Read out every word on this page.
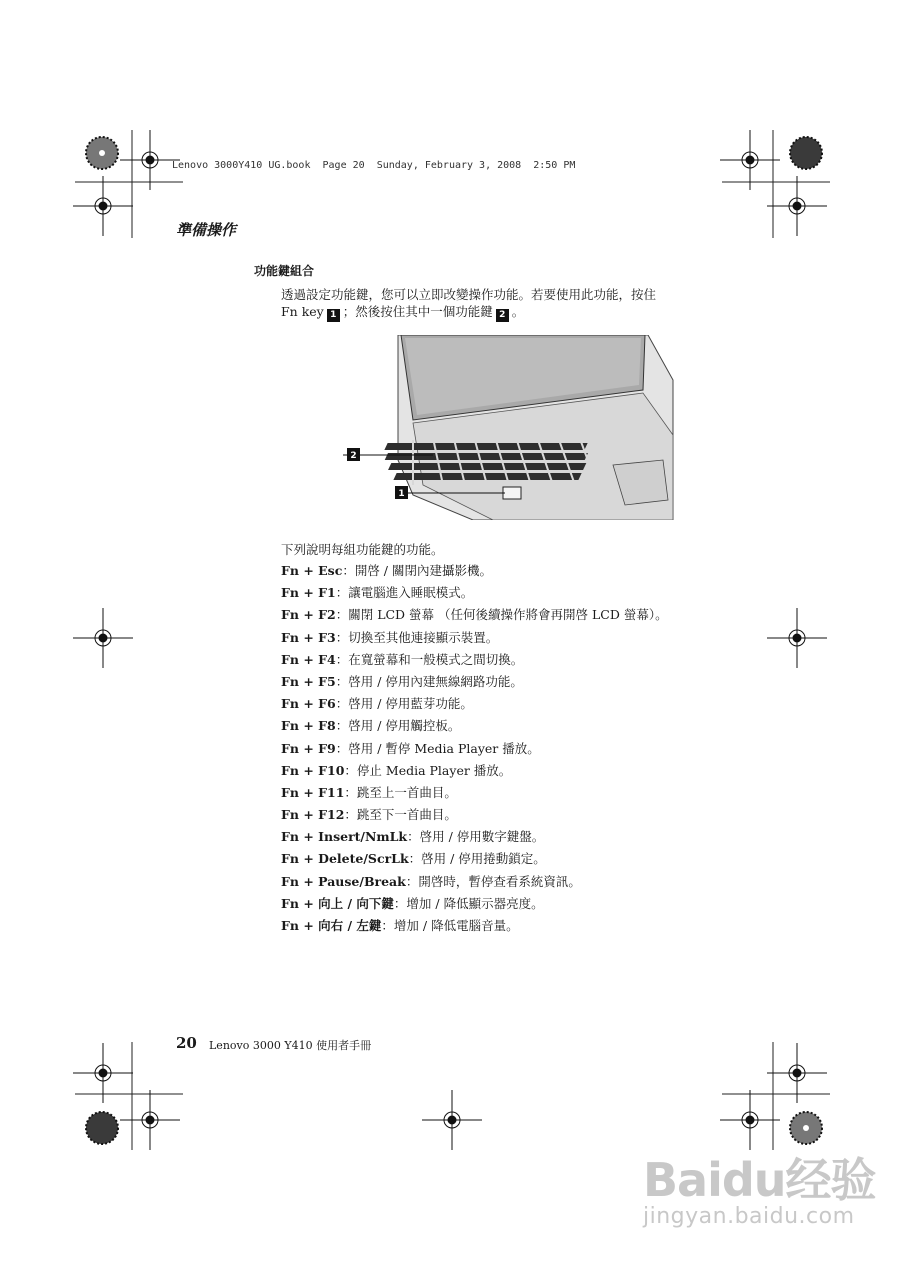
Lenovo 3000Y410 UG.book  Page 20  Sunday, February 3, 2008  2:50 PM
準備操作
功能鍵組合
透過設定功能鍵，您可以立即改變操作功能。若要使用此功能，按住
Fn key 1 ；然後按住其中一個功能鍵 2 。
2
1
下列說明每組功能鍵的功能。
Fn + Esc：開啓 / 關閉內建攝影機。
Fn + F1：讓電腦進入睡眠模式。
Fn + F2：關閉 LCD 螢幕 （任何後續操作將會再開啓 LCD 螢幕）。
Fn + F3：切換至其他連接顯示裝置。
Fn + F4：在寬螢幕和一般模式之間切換。
Fn + F5：啓用 / 停用內建無線網路功能。
Fn + F6：啓用 / 停用藍芽功能。
Fn + F8：啓用 / 停用觸控板。
Fn + F9：啓用 / 暫停 Media Player 播放。
Fn + F10：停止 Media Player 播放。
Fn + F11：跳至上一首曲目。
Fn + F12：跳至下一首曲目。
Fn + Insert/NmLk：啓用 / 停用數字鍵盤。
Fn + Delete/ScrLk：啓用 / 停用捲動鎖定。
Fn + Pause/Break：開啓時，暫停查看系統資訊。
Fn + 向上 / 向下鍵：增加 / 降低顯示器亮度。
Fn + 向右 / 左鍵：增加 / 降低電腦音量。
20 Lenovo 3000 Y410 使用者手冊
Baidu经验
jingyan.baidu.com
